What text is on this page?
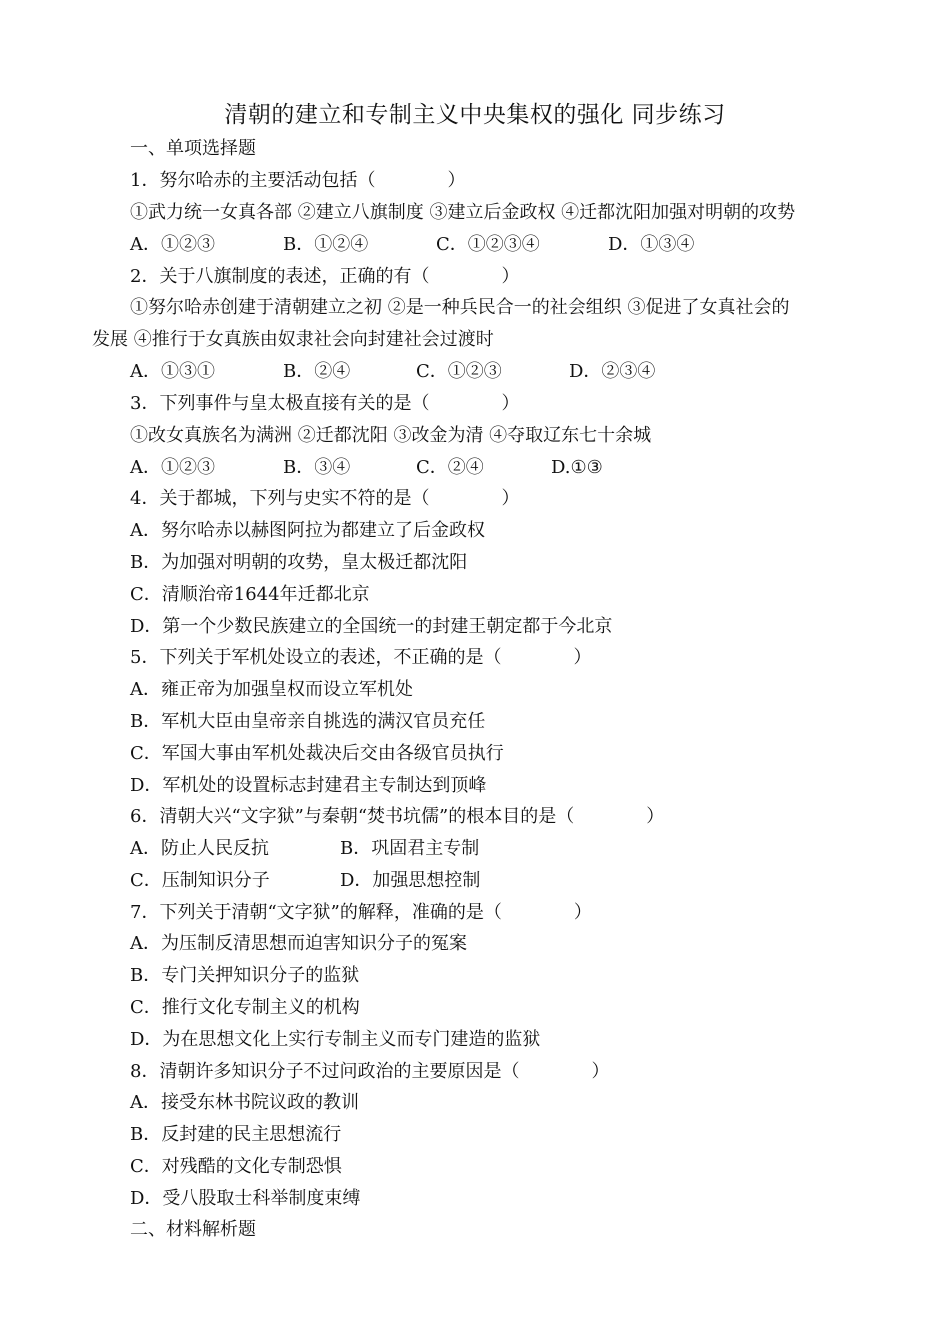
清朝的建立和专制主义中央集权的强化 同步练习
一、单项选择题
1．努尔哈赤的主要活动包括（　　　　）
①武力统一女真各部 ②建立八旗制度 ③建立后金政权 ④迁都沈阳加强对明朝的攻势
A．①②③	B．①②④	C．①②③④	D．①③④
2．关于八旗制度的表述，正确的有（　　　　）
①努尔哈赤创建于清朝建立之初 ②是一种兵民合一的社会组织 ③促进了女真社会的
发展 ④推行于女真族由奴隶社会向封建社会过渡时
A．①③①	B．②④	C．①②③	D．②③④
3．下列事件与皇太极直接有关的是（　　　　）
①改女真族名为满洲 ②迁都沈阳 ③改金为清 ④夺取辽东七十余城
A．①②③	B．③④	C．②④	D.①③
4．关于都城，下列与史实不符的是（　　　　）
A．努尔哈赤以赫图阿拉为都建立了后金政权
B．为加强对明朝的攻势，皇太极迁都沈阳
C．清顺治帝1644年迁都北京
D．第一个少数民族建立的全国统一的封建王朝定都于今北京
5．下列关于军机处设立的表述，不正确的是（　　　　）
A．雍正帝为加强皇权而设立军机处
B．军机大臣由皇帝亲自挑选的满汉官员充任
C．军国大事由军机处裁决后交由各级官员执行
D．军机处的设置标志封建君主专制达到顶峰
6．清朝大兴“文字狱”与秦朝“焚书坑儒”的根本目的是（　　　　）
A．防止人民反抗	B．巩固君主专制
C．压制知识分子	D．加强思想控制
7．下列关于清朝“文字狱”的解释，准确的是（　　　　）
A．为压制反清思想而迫害知识分子的冤案
B．专门关押知识分子的监狱
C．推行文化专制主义的机构
D．为在思想文化上实行专制主义而专门建造的监狱
8．清朝许多知识分子不过问政治的主要原因是（　　　　）
A．接受东林书院议政的教训
B．反封建的民主思想流行
C．对残酷的文化专制恐惧
D．受八股取士科举制度束缚
二、材料解析题
